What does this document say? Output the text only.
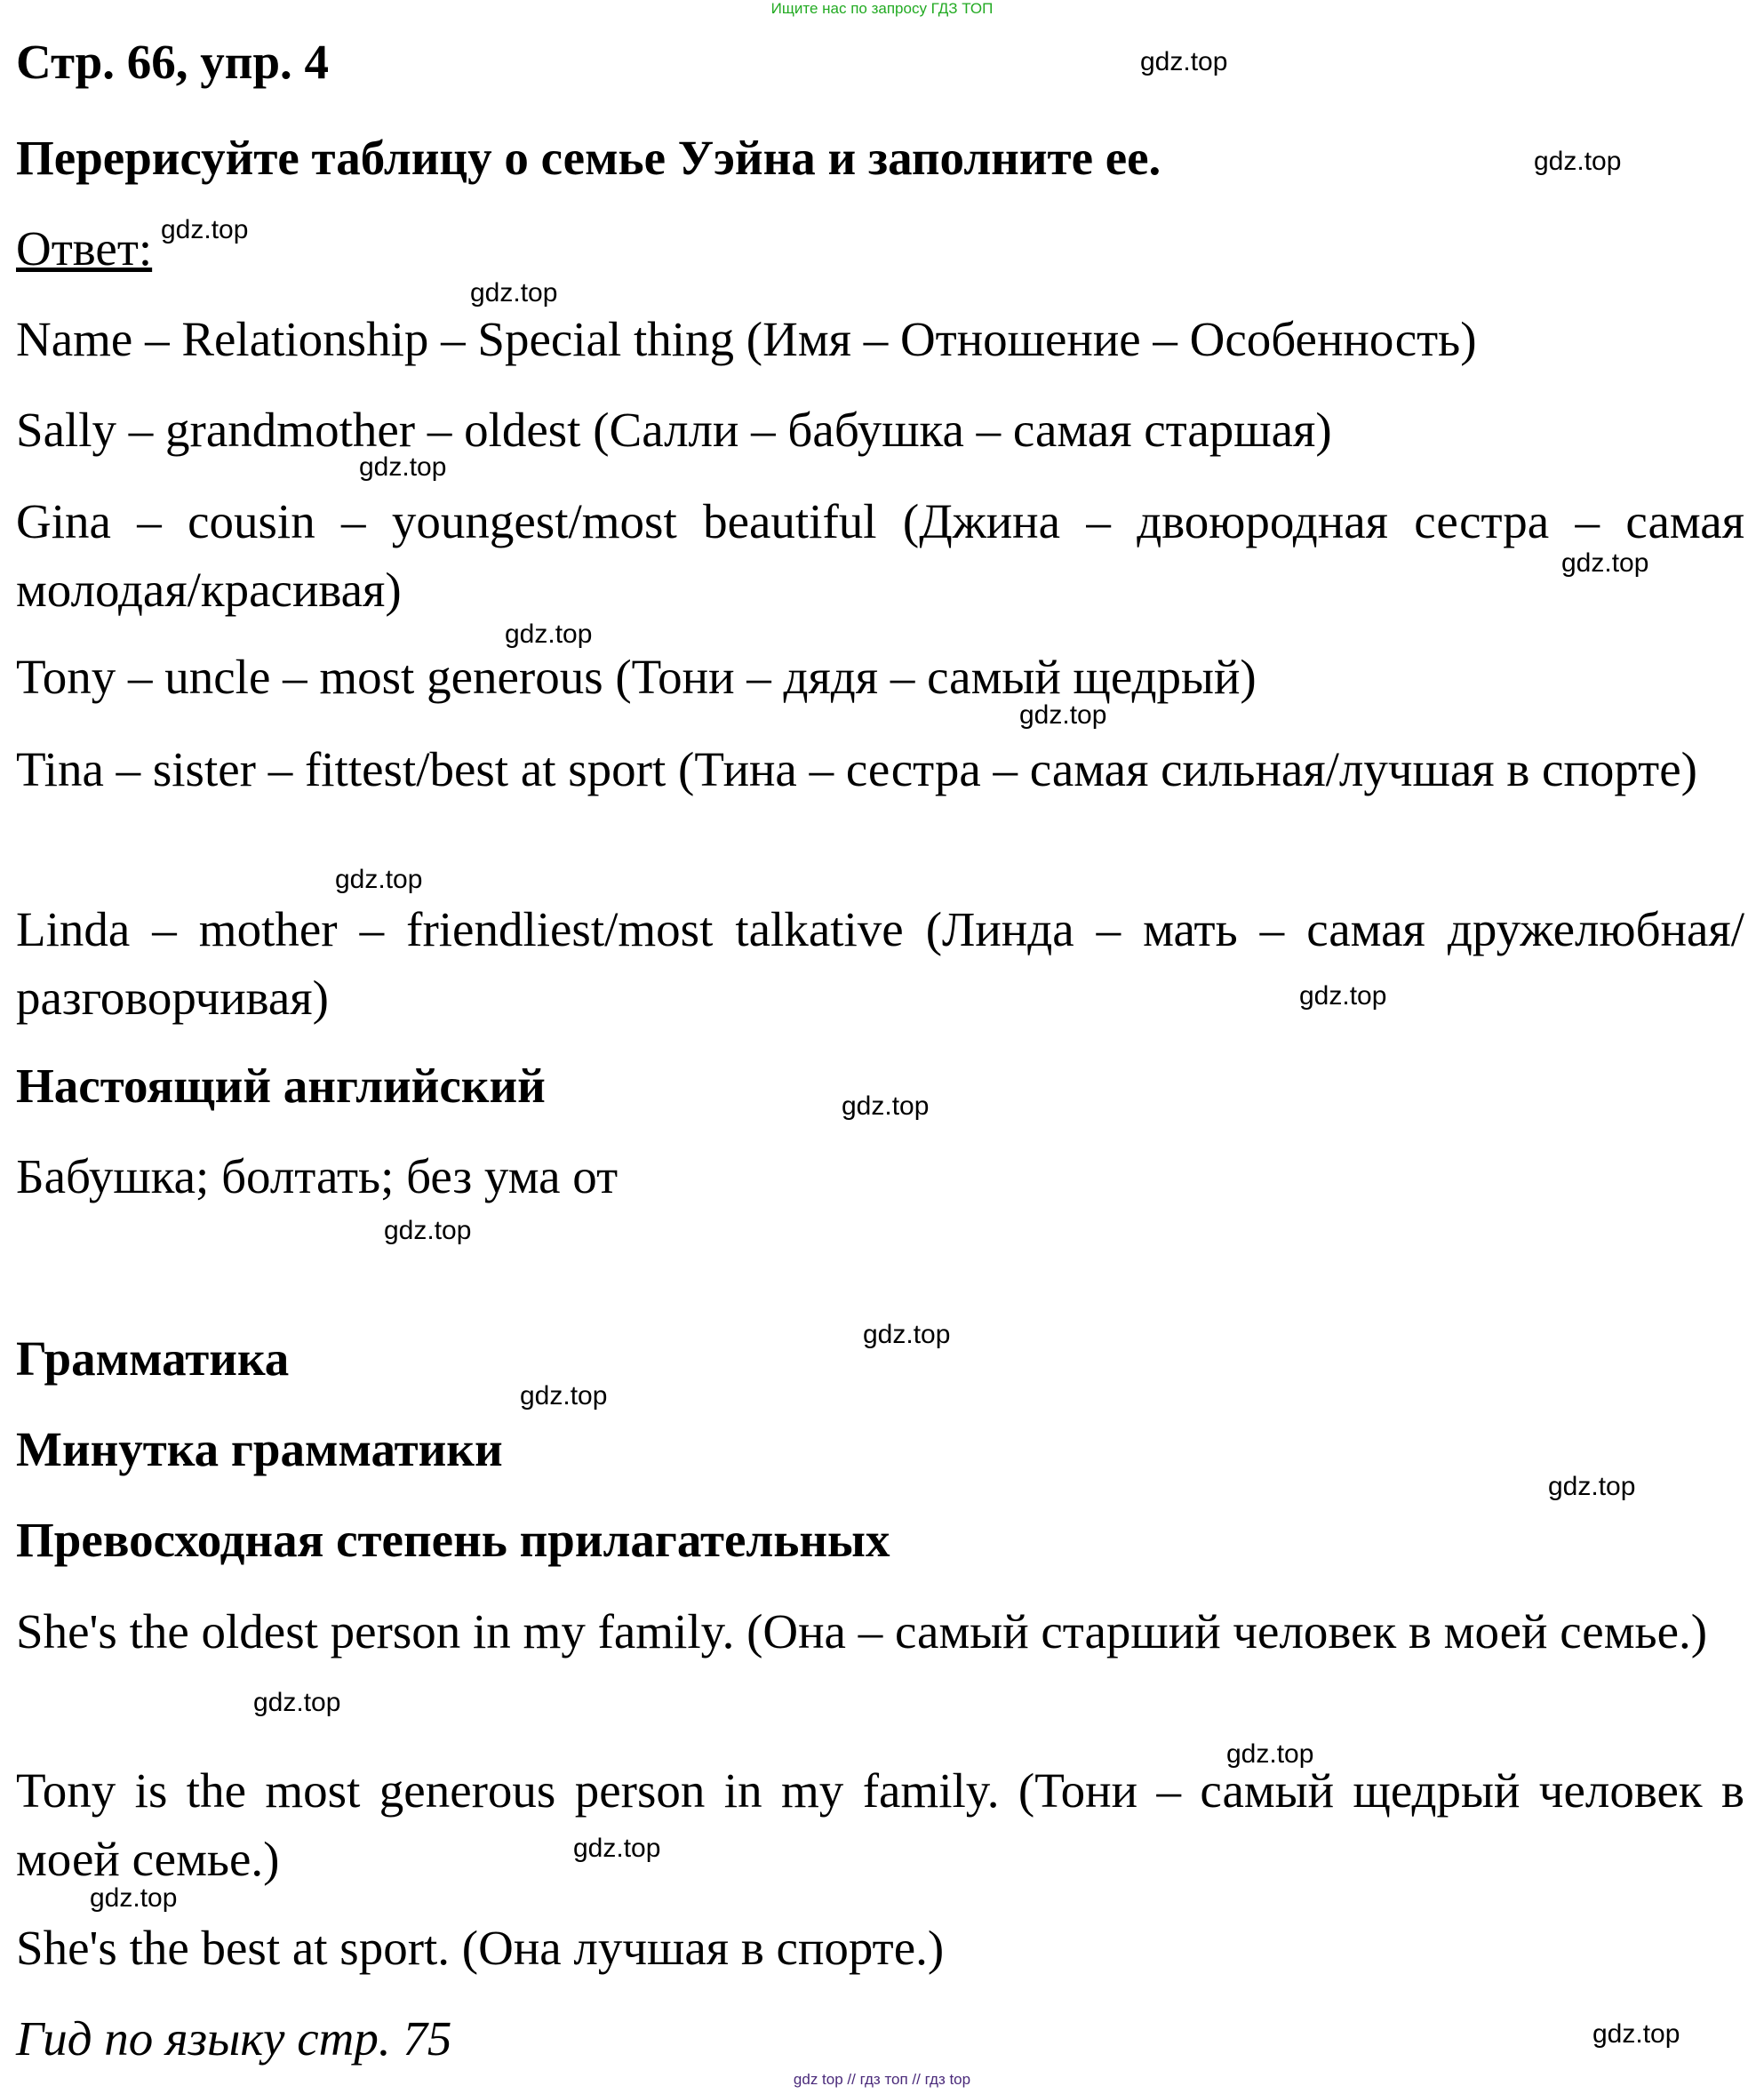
Ищите нас по запросу ГДЗ ТОП
Стр. 66, упр. 4
Перерисуйте таблицу о семье Уэйна и заполните ее.
Ответ:
Name – Relationship – Special thing (Имя – Отношение – Особенность)
Sally – grandmother – oldest (Салли – бабушка – самая старшая)
Gina – cousin – youngest/most beautiful (Джина – двоюродная сестра – самая молодая/красивая)
Tony – uncle – most generous (Тони – дядя – самый щедрый)
Tina – sister – fittest/best at sport (Тина – сестра – самая сильная/лучшая в спорте)
Linda – mother – friendliest/most talkative (Линда – мать – самая дружелюбная/разговорчивая)
Настоящий английский
Бабушка; болтать; без ума от
Грамматика
Минутка грамматики
Превосходная степень прилагательных
She's the oldest person in my family. (Она – самый старший человек в моей семье.)
Tony is the most generous person in my family. (Тони – самый щедрый человек в моей семье.)
She's the best at sport. (Она лучшая в спорте.)
Гид по языку стр. 75
gdz.top
gdz.top
gdz.top
gdz.top
gdz.top
gdz.top
gdz.top
gdz.top
gdz.top
gdz.top
gdz.top
gdz.top
gdz.top
gdz.top
gdz.top
gdz.top
gdz.top
gdz.top
gdz.top
gdz.top
gdz top // гдз топ // гдз top
